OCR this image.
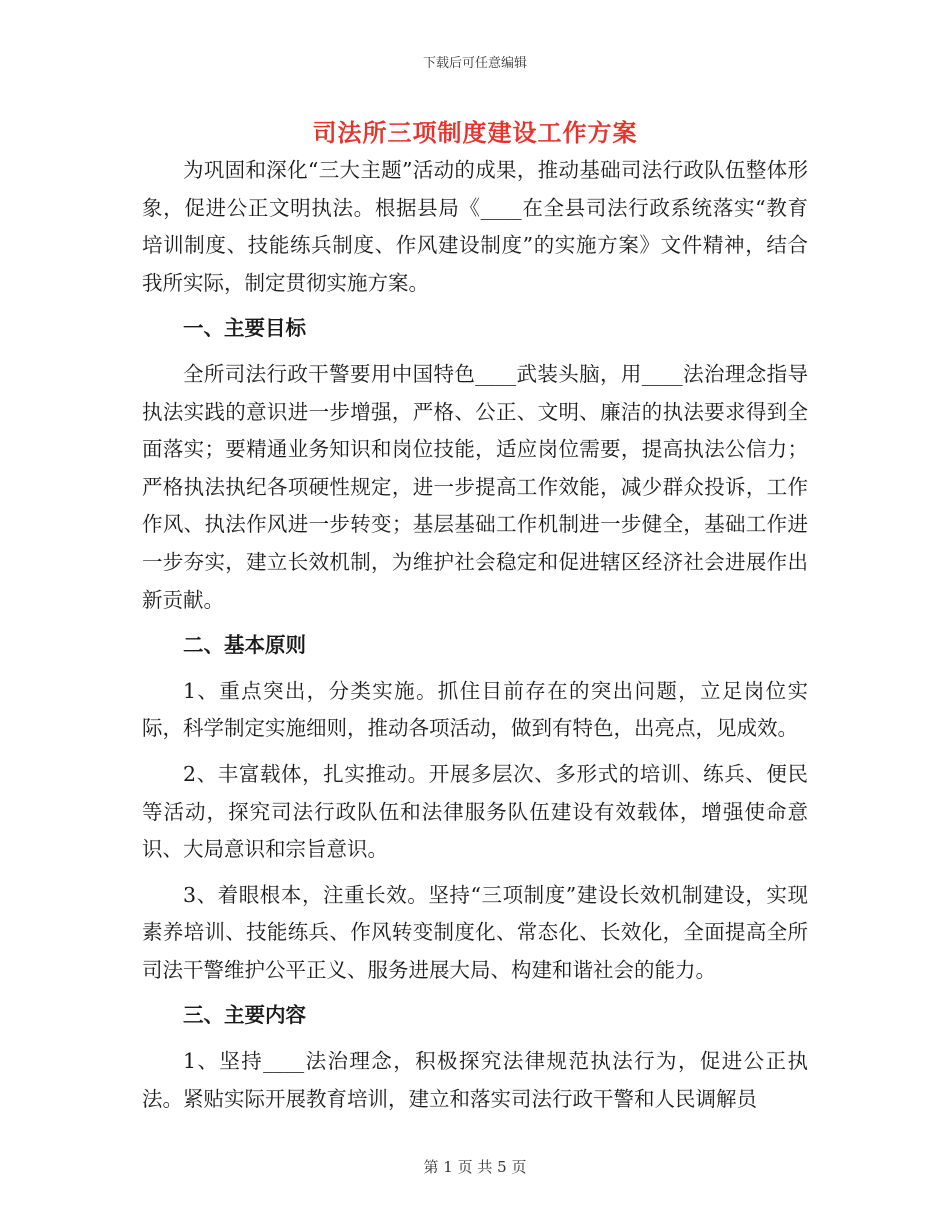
下载后可任意编辑
司法所三项制度建设工作方案

为巩固和深化“三大主题”活动的成果，推动基础司法行政队伍整体形象，促进公正文明执法。根据县局《____在全县司法行政系统落实“教育培训制度、技能练兵制度、作风建设制度”的实施方案》文件精神，结合我所实际，制定贯彻实施方案。

一、主要目标

全所司法行政干警要用中国特色____武装头脑，用____法治理念指导执法实践的意识进一步增强，严格、公正、文明、廉洁的执法要求得到全面落实；要精通业务知识和岗位技能，适应岗位需要，提高执法公信力；严格执法执纪各项硬性规定，进一步提高工作效能，减少群众投诉，工作作风、执法作风进一步转变；基层基础工作机制进一步健全，基础工作进一步夯实，建立长效机制，为维护社会稳定和促进辖区经济社会进展作出新贡献。

二、基本原则

1、重点突出，分类实施。抓住目前存在的突出问题，立足岗位实际，科学制定实施细则，推动各项活动，做到有特色，出亮点，见成效。

2、丰富载体，扎实推动。开展多层次、多形式的培训、练兵、便民等活动，探究司法行政队伍和法律服务队伍建设有效载体，增强使命意识、大局意识和宗旨意识。

3、着眼根本，注重长效。坚持“三项制度”建设长效机制建设，实现素养培训、技能练兵、作风转变制度化、常态化、长效化，全面提高全所司法干警维护公平正义、服务进展大局、构建和谐社会的能力。

三、主要内容

1、坚持____法治理念，积极探究法律规范执法行为，促进公正执法。紧贴实际开展教育培训，建立和落实司法行政干警和人民调解员

第 1 页 共 5 页
